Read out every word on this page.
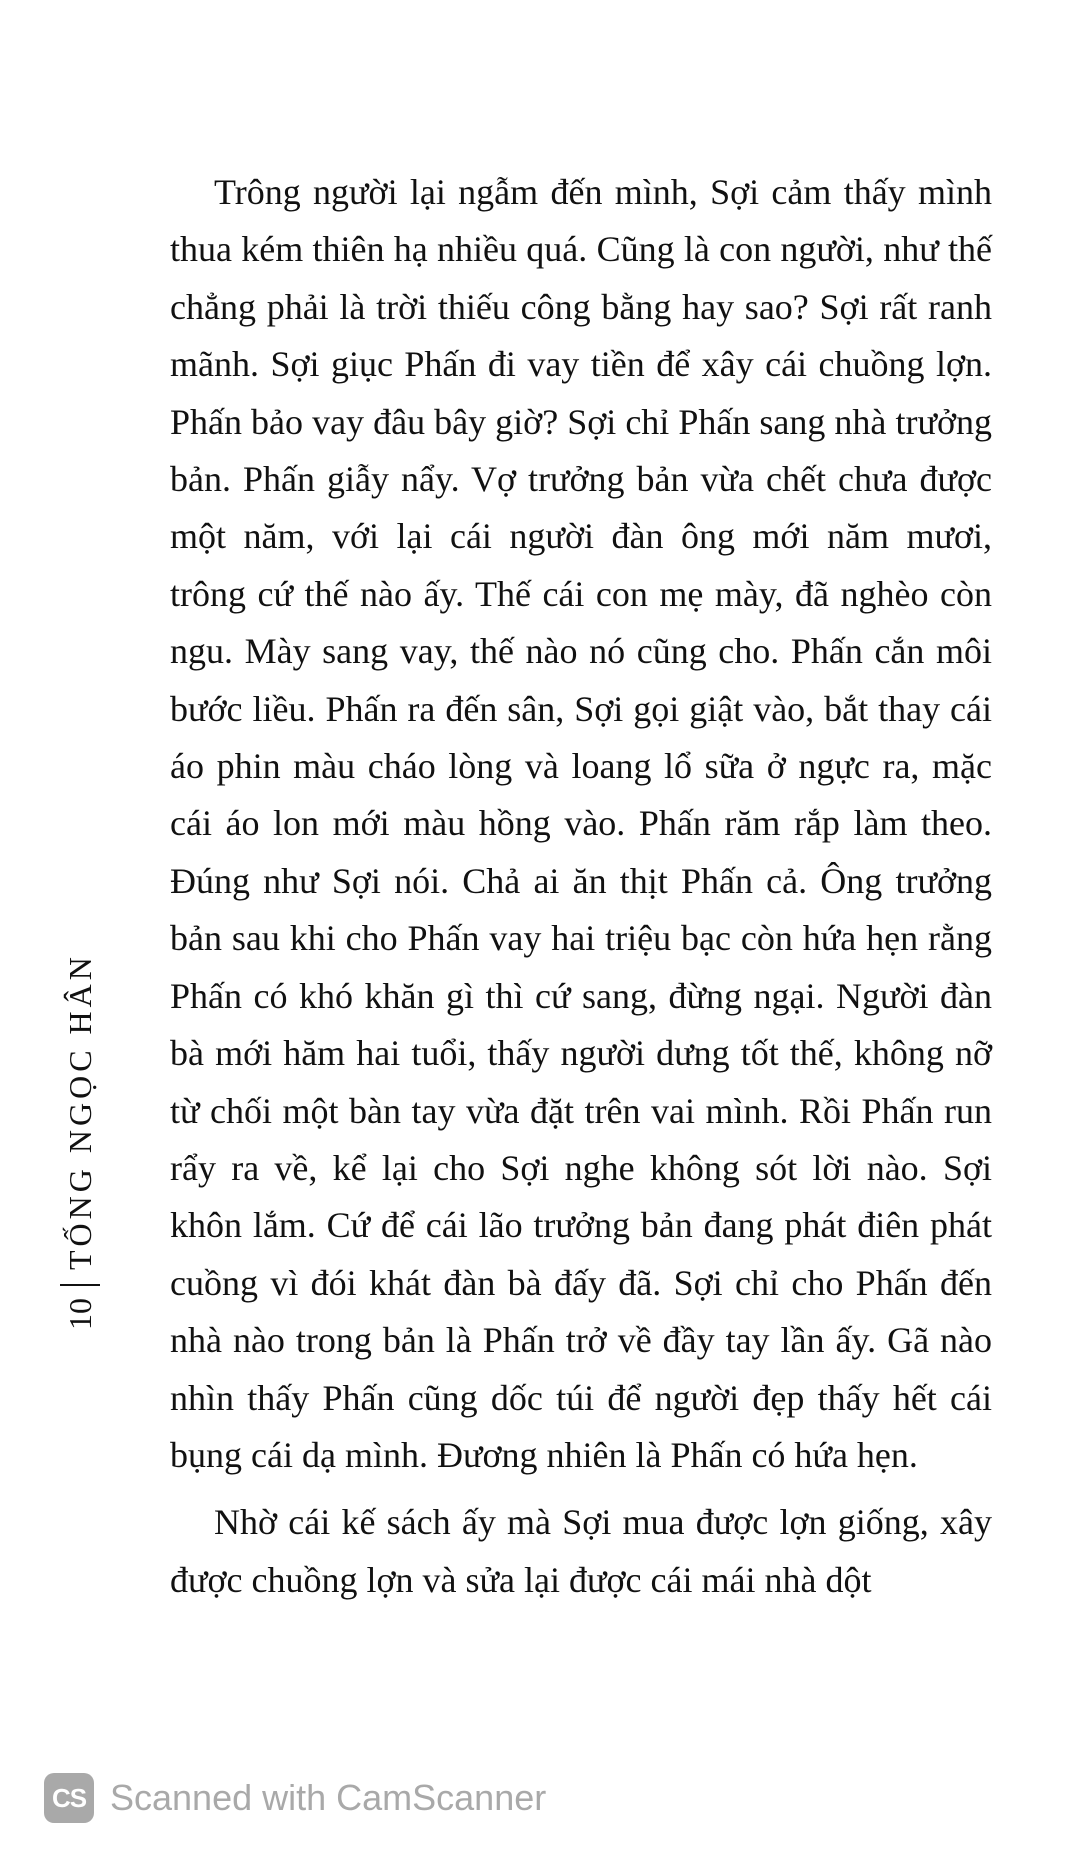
Trông người lại ngẫm đến mình, Sợi cảm thấy mình thua kém thiên hạ nhiều quá. Cũng là con người, như thế chẳng phải là trời thiếu công bằng hay sao? Sợi rất ranh mãnh. Sợi giục Phấn đi vay tiền để xây cái chuồng lợn. Phấn bảo vay đâu bây giờ? Sợi chỉ Phấn sang nhà trưởng bản. Phấn giẫy nẩy. Vợ trưởng bản vừa chết chưa được một năm, với lại cái người đàn ông mới năm mươi, trông cứ thế nào ấy. Thế cái con mẹ mày, đã nghèo còn ngu. Mày sang vay, thế nào nó cũng cho. Phấn cắn môi bước liều. Phấn ra đến sân, Sợi gọi giật vào, bắt thay cái áo phin màu cháo lòng và loang lổ sữa ở ngực ra, mặc cái áo lon mới màu hồng vào. Phấn răm rắp làm theo. Đúng như Sợi nói. Chả ai ăn thịt Phấn cả. Ông trưởng bản sau khi cho Phấn vay hai triệu bạc còn hứa hẹn rằng Phấn có khó khăn gì thì cứ sang, đừng ngại. Người đàn bà mới hăm hai tuổi, thấy người dưng tốt thế, không nỡ từ chối một bàn tay vừa đặt trên vai mình. Rồi Phấn run rẩy ra về, kể lại cho Sợi nghe không sót lời nào. Sợi khôn lắm. Cứ để cái lão trưởng bản đang phát điên phát cuồng vì đói khát đàn bà đấy đã. Sợi chỉ cho Phấn đến nhà nào trong bản là Phấn trở về đầy tay lần ấy. Gã nào nhìn thấy Phấn cũng dốc túi để người đẹp thấy hết cái bụng cái dạ mình. Đương nhiên là Phấn có hứa hẹn.

Nhờ cái kế sách ấy mà Sợi mua được lợn giống, xây được chuồng lợn và sửa lại được cái mái nhà dột

10
TỐNG NGỌC HÂN
CS Scanned with CamScanner
